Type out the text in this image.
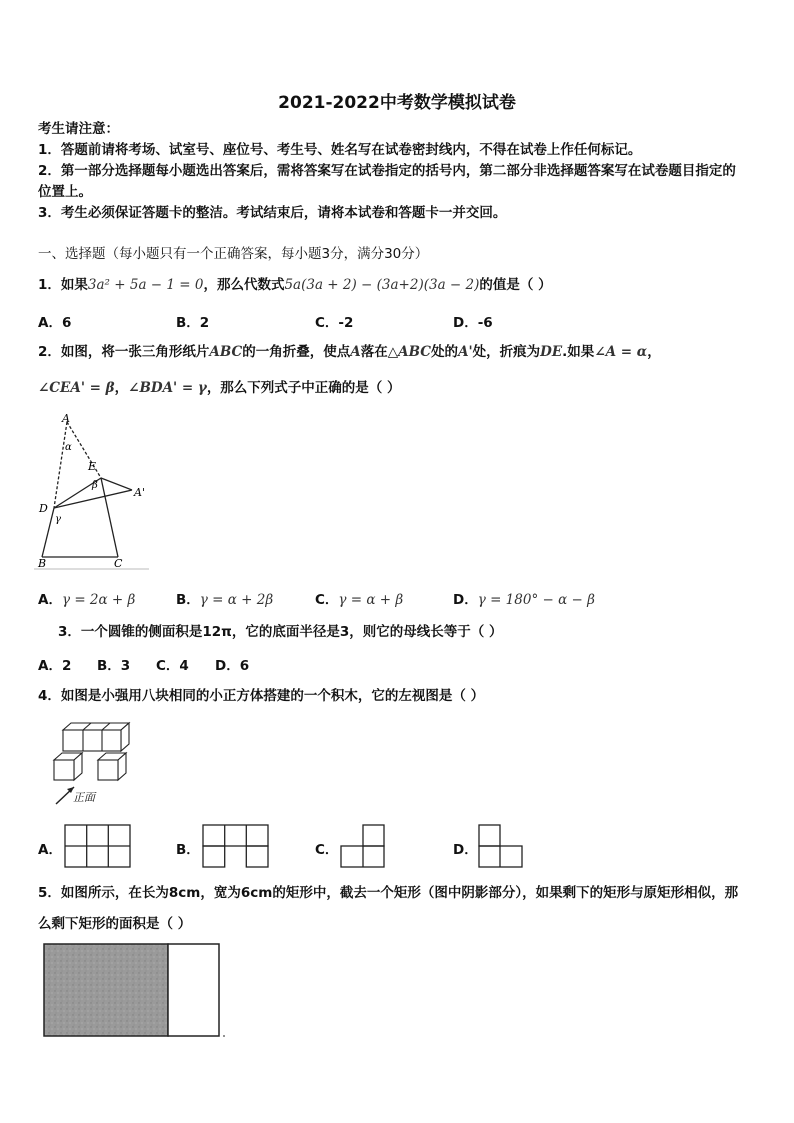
2021-2022中考数学模拟试卷
考生请注意：
1．答题前请将考场、试室号、座位号、考生号、姓名写在试卷密封线内，不得在试卷上作任何标记。
2．第一部分选择题每小题选出答案后，需将答案写在试卷指定的括号内，第二部分非选择题答案写在试卷题目指定的
位置上。
3．考生必须保证答题卡的整洁。考试结束后，请将本试卷和答题卡一并交回。
一、选择题（每小题只有一个正确答案，每小题3分，满分30分）
1．如果3a² + 5a − 1 = 0，那么代数式5a(3a + 2) − (3a+2)(3a − 2)的值是（ ）
A．6	B．2	C．-2	D．-6
2．如图，将一张三角形纸片ABC的一角折叠，使点A落在△ABC处的A'处，折痕为DE.如果∠A = α，
∠CEA' = β，∠BDA' = γ，那么下列式子中正确的是（ ）
A
α
E
β
A'
D
γ
B	C
A．γ = 2α + β	B．γ = α + 2β	C．γ = α + β	D．γ = 180° − α − β
3．一个圆锥的侧面积是12π，它的底面半径是3，则它的母线长等于（ ）
A．2 B．3 C．4 D．6
4．如图是小强用八块相同的小正方体搭建的一个积木，它的左视图是（ ）
正面
A．	B．	C．	D．
5．如图所示，在长为8cm，宽为6cm的矩形中，截去一个矩形（图中阴影部分），如果剩下的矩形与原矩形相似，那
么剩下矩形的面积是（ ）
